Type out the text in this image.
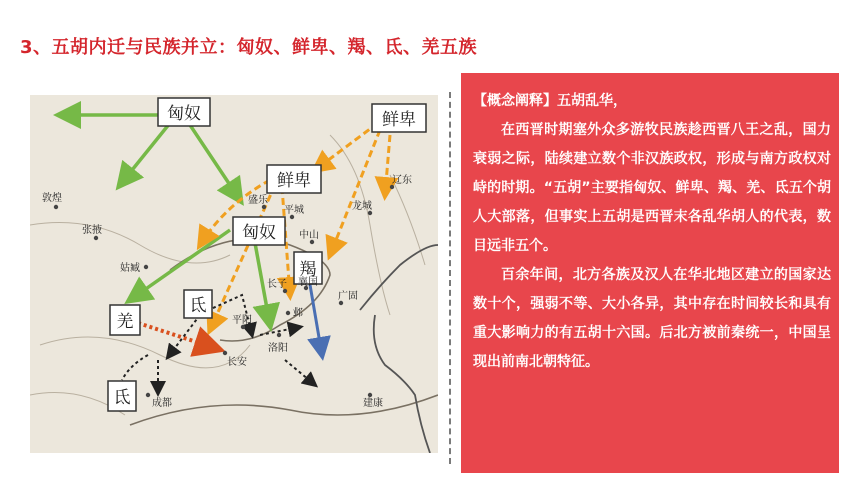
3、五胡内迁与民族并立：匈奴、鲜卑、羯、氐、羌五族
匈奴	鲜卑
鲜卑
匈奴
羯
氐
羌
氐
敦煌
张掖
姑臧
盛乐
平城
中山
龙城
辽东
长子 襄国
邺
广固
平阳
长安
洛阳
成都	建康

【概念阐释】五胡乱华，

在西晋时期塞外众多游牧民族趁西晋八王之乱，国力衰弱之际，陆续建立数个非汉族政权，形成与南方政权对峙的时期。“五胡”主要指匈奴、鲜卑、羯、羌、氐五个胡人大部落，但事实上五胡是西晋末各乱华胡人的代表，数目远非五个。

百余年间，北方各族及汉人在华北地区建立的国家达数十个，强弱不等、大小各异，其中存在时间较长和具有重大影响力的有五胡十六国。后北方被前秦统一，中国呈现出前南北朝特征。
